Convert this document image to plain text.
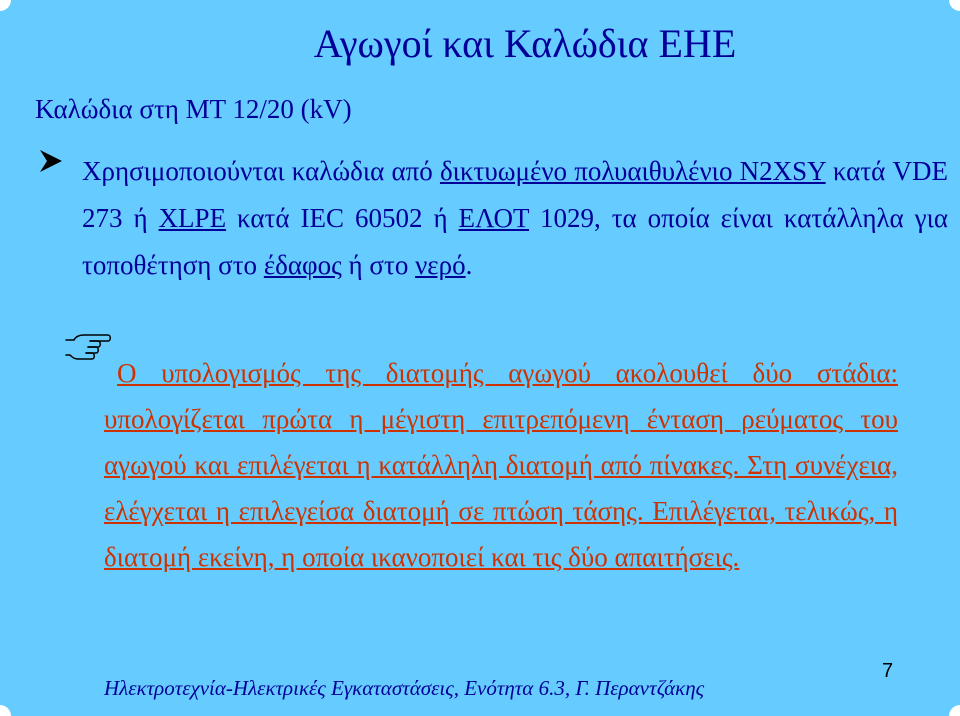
Αγωγοί και Καλώδια ΕΗΕ
Καλώδια στη ΜΤ 12/20 (kV)
Χρησιμοποιούνται καλώδια από δικτυωμένο πολυαιθυλένιο N2XSY κατά VDE 273 ή XLPE κατά IEC 60502 ή ΕΛΟΤ 1029, τα οποία είναι κατάλληλα για τοποθέτηση στο έδαφος ή στο νερό.
Ο υπολογισμός της διατομής αγωγού ακολουθεί δύο στάδια: υπολογίζεται πρώτα η μέγιστη επιτρεπόμενη ένταση ρεύματος του αγωγού και επιλέγεται η κατάλληλη διατομή από πίνακες. Στη συνέχεια, ελέγχεται η επιλεγείσα διατομή σε πτώση τάσης. Επιλέγεται, τελικώς, η διατομή εκείνη, η οποία ικανοποιεί και τις δύο απαιτήσεις.
Ηλεκτροτεχνία-Ηλεκτρικές Εγκαταστάσεις, Ενότητα 6.3, Γ. Περαντζάκης
7
